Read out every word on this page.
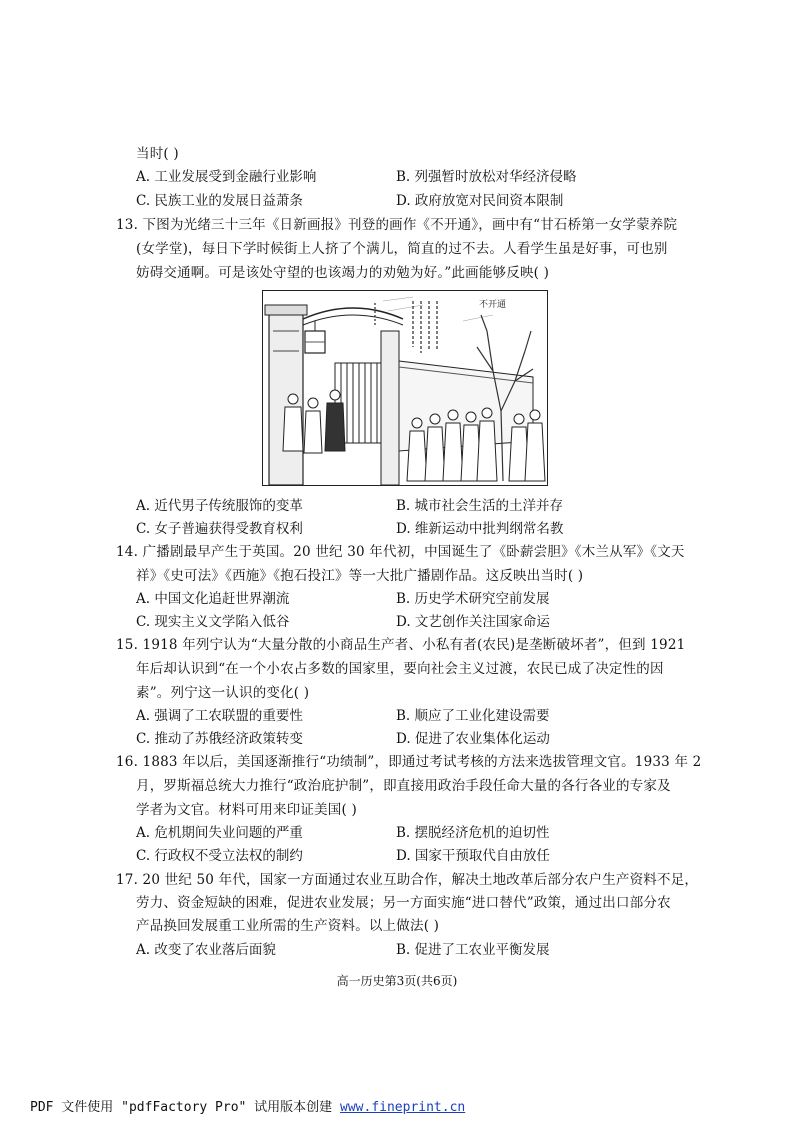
当时( )
A. 工业发展受到金融行业影响	B. 列强暂时放松对华经济侵略
C. 民族工业的发展日益萧条	D. 政府放宽对民间资本限制
13. 下图为光绪三十三年《日新画报》刊登的画作《不开通》，画中有“甘石桥第一女学蒙养院
(女学堂)，每日下学时候街上人挤了个满儿，简直的过不去。人看学生虽是好事，可也别
妨碍交通啊。可是该处守望的也该竭力的劝勉为好。”此画能够反映( )
不开通
A. 近代男子传统服饰的变革	B. 城市社会生活的土洋并存
C. 女子普遍获得受教育权利	D. 维新运动中批判纲常名教
14. 广播剧最早产生于英国。20 世纪 30 年代初，中国诞生了《卧薪尝胆》《木兰从军》《文天
祥》《史可法》《西施》《抱石投江》等一大批广播剧作品。这反映出当时( )
A. 中国文化追赶世界潮流	B. 历史学术研究空前发展
C. 现实主义文学陷入低谷	D. 文艺创作关注国家命运
15. 1918 年列宁认为“大量分散的小商品生产者、小私有者(农民)是垄断破坏者”，但到 1921
年后却认识到“在一个小农占多数的国家里，要向社会主义过渡，农民已成了决定性的因
素”。列宁这一认识的变化( )
A. 强调了工农联盟的重要性	B. 顺应了工业化建设需要
C. 推动了苏俄经济政策转变	D. 促进了农业集体化运动
16. 1883 年以后，美国逐渐推行“功绩制”，即通过考试考核的方法来选拔管理文官。1933 年 2
月，罗斯福总统大力推行“政治庇护制”，即直接用政治手段任命大量的各行各业的专家及
学者为文官。材料可用来印证美国( )
A. 危机期间失业问题的严重	B. 摆脱经济危机的迫切性
C. 行政权不受立法权的制约	D. 国家干预取代自由放任
17. 20 世纪 50 年代，国家一方面通过农业互助合作，解决土地改革后部分农户生产资料不足，
劳力、资金短缺的困难，促进农业发展；另一方面实施“进口替代”政策，通过出口部分农
产品换回发展重工业所需的生产资料。以上做法( )
A. 改变了农业落后面貌	B. 促进了工农业平衡发展
高一历史第3页(共6页)
PDF 文件使用 "pdfFactory Pro" 试用版本创建 www.fineprint.cn
